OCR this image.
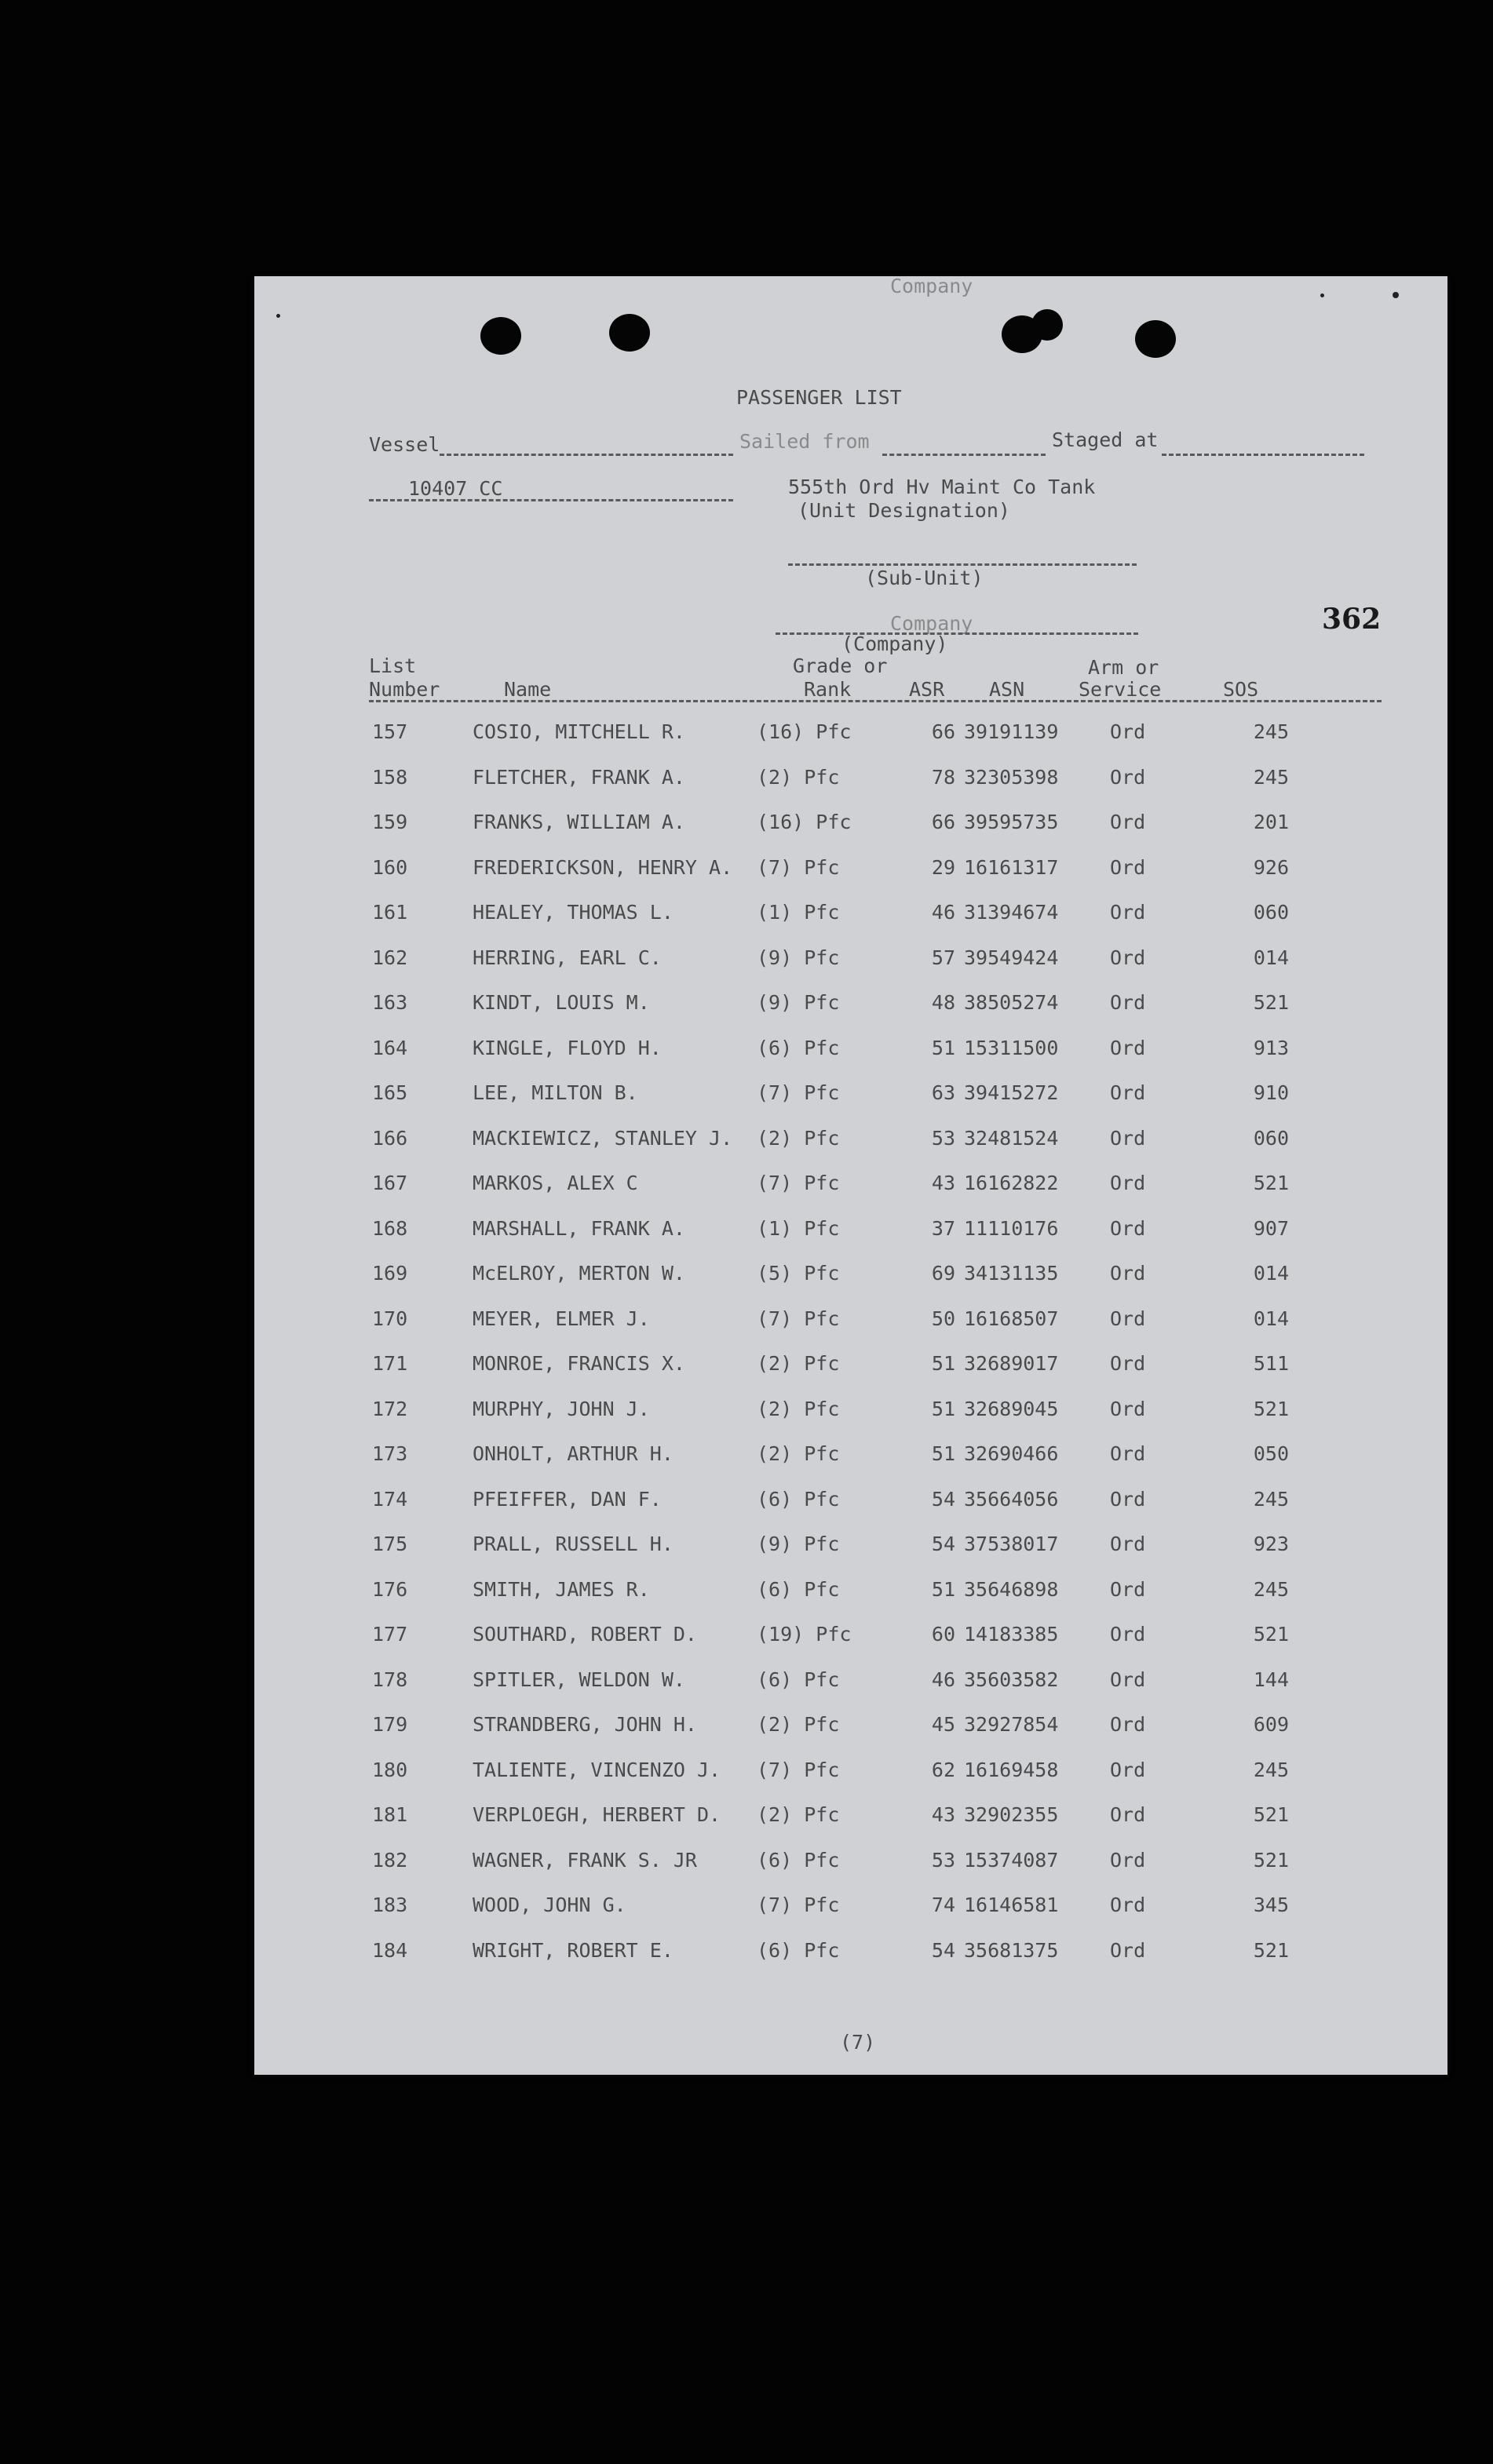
PASSENGER LIST
Vessel	Sailed from	Staged at
10407 CC	555th Ord Hv Maint Co Tank
(Unit Designation)
(Sub-Unit)
Company
Company
(Company)
List
Number	Name
Grade or
Rank	ASR ASN
Arm or
Service	SOS
157	COSIO, MITCHELL R.	(16) Pfc	66 39191139	Ord	245
158	FLETCHER, FRANK A.	(2) Pfc	78 32305398	Ord	245
159	FRANKS, WILLIAM A.	(16) Pfc	66 39595735	Ord	201
160	FREDERICKSON, HENRY A. (7) Pfc	29 16161317	Ord	926
161	HEALEY, THOMAS L.	(1) Pfc	46 31394674	Ord	060
162	HERRING, EARL C.	(9) Pfc	57 39549424	Ord	014
163	KINDT, LOUIS M.	(9) Pfc	48 38505274	Ord	521
164	KINGLE, FLOYD H.	(6) Pfc	51 15311500	Ord	913
165	LEE, MILTON B.	(7) Pfc	63 39415272	Ord	910
166	MACKIEWICZ, STANLEY J. (2) Pfc	53 32481524	Ord	060
167	MARKOS, ALEX C	(7) Pfc	43 16162822	Ord	521
168	MARSHALL, FRANK A.	(1) Pfc	37 11110176	Ord	907
169	McELROY, MERTON W.	(5) Pfc	69 34131135	Ord	014
170	MEYER, ELMER J.	(7) Pfc	50 16168507	Ord	014
171	MONROE, FRANCIS X.	(2) Pfc	51 32689017	Ord	511
172	MURPHY, JOHN J.	(2) Pfc	51 32689045	Ord	521
173	ONHOLT, ARTHUR H.	(2) Pfc	51 32690466	Ord	050
174	PFEIFFER, DAN F.	(6) Pfc	54 35664056	Ord	245
175	PRALL, RUSSELL H.	(9) Pfc	54 37538017	Ord	923
176	SMITH, JAMES R.	(6) Pfc	51 35646898	Ord	245
177	SOUTHARD, ROBERT D.	(19) Pfc	60 14183385	Ord	521
178	SPITLER, WELDON W.	(6) Pfc	46 35603582	Ord	144
179	STRANDBERG, JOHN H.	(2) Pfc	45 32927854	Ord	609
180	TALIENTE, VINCENZO J. (7) Pfc	62 16169458	Ord	245
181	VERPLOEGH, HERBERT D. (2) Pfc	43 32902355	Ord	521
182	WAGNER, FRANK S. JR	(6) Pfc	53 15374087	Ord	521
183	WOOD, JOHN G.	(7) Pfc	74 16146581	Ord	345
184	WRIGHT, ROBERT E.	(6) Pfc	54 35681375	Ord	521
(7)
362
